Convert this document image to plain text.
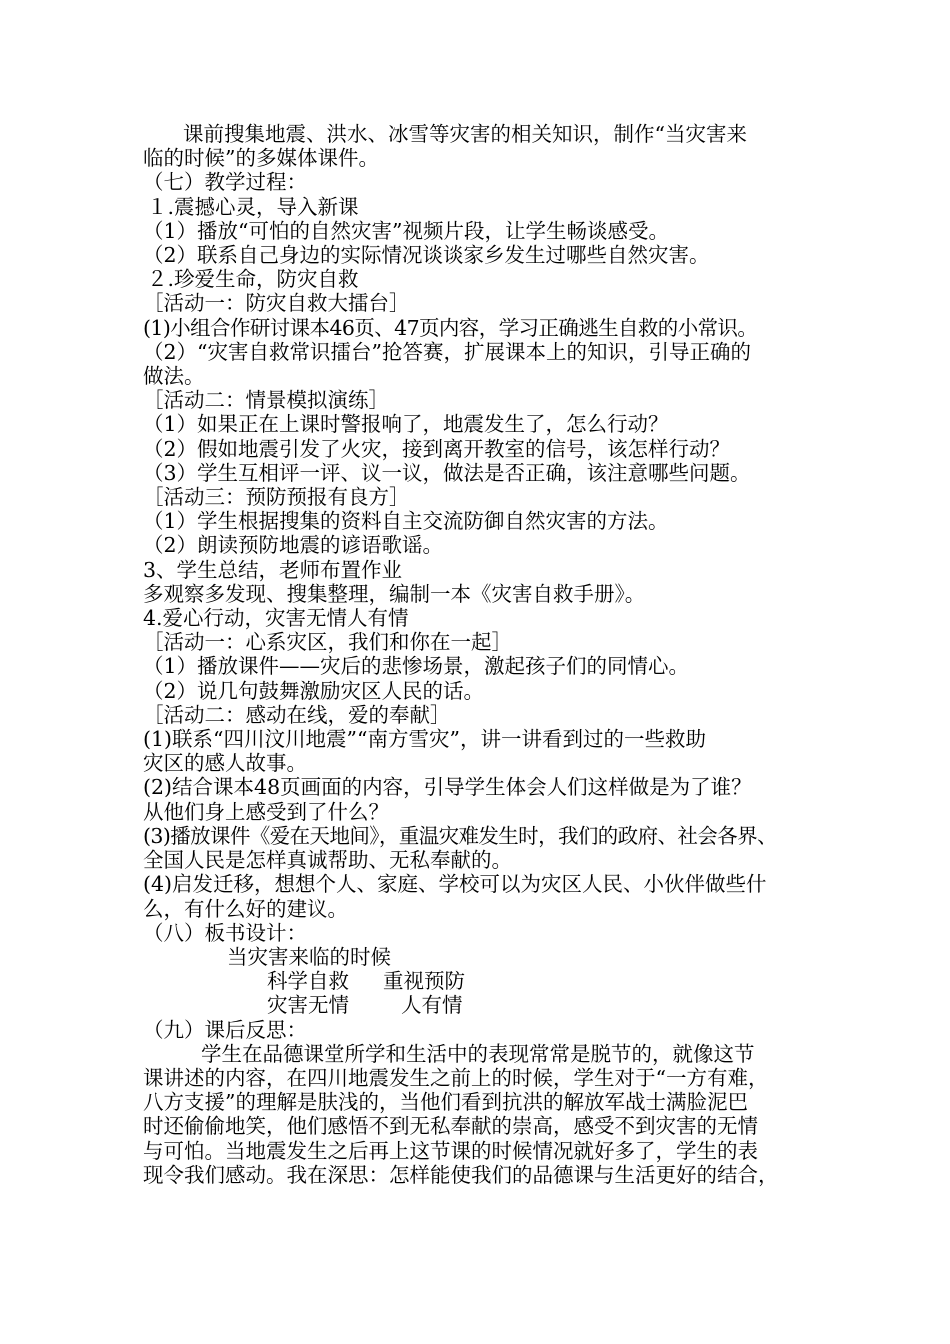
课前搜集地震、洪水、冰雪等灾害的相关知识，制作“当灾害来
临的时候”的多媒体课件。
（七）教学过程：
１.震撼心灵，导入新课
（1）播放“可怕的自然灾害”视频片段，让学生畅谈感受。
（2）联系自己身边的实际情况谈谈家乡发生过哪些自然灾害。
２.珍爱生命，防灾自救
［活动一：防灾自救大擂台］
(1)小组合作研讨课本46页、47页内容，学习正确逃生自救的小常识。
（2）“灾害自救常识擂台”抢答赛，扩展课本上的知识，引导正确的
做法。
［活动二：情景模拟演练］
（1）如果正在上课时警报响了，地震发生了，怎么行动？
（2）假如地震引发了火灾，接到离开教室的信号，该怎样行动？
（3）学生互相评一评、议一议，做法是否正确，该注意哪些问题。
［活动三：预防预报有良方］
（1）学生根据搜集的资料自主交流防御自然灾害的方法。
（2）朗读预防地震的谚语歌谣。
3、学生总结，老师布置作业
多观察多发现、搜集整理，编制一本《灾害自救手册》。
4.爱心行动，灾害无情人有情
［活动一：心系灾区，我们和你在一起］
（1）播放课件——灾后的悲惨场景，激起孩子们的同情心。
（2）说几句鼓舞激励灾区人民的话。
［活动二：感动在线，爱的奉献］
(1)联系“四川汶川地震”“南方雪灾”，讲一讲看到过的一些救助
灾区的感人故事。
(2)结合课本48页画面的内容，引导学生体会人们这样做是为了谁？
从他们身上感受到了什么？
(3)播放课件《爱在天地间》，重温灾难发生时，我们的政府、社会各界、
全国人民是怎样真诚帮助、无私奉献的。
(4)启发迁移，想想个人、家庭、学校可以为灾区人民、小伙伴做些什
么，有什么好的建议。
（八）板书设计：
当灾害来临的时候
科学自救 重视预防
灾害无情	人有情
（九）课后反思：
学生在品德课堂所学和生活中的表现常常是脱节的，就像这节
课讲述的内容，在四川地震发生之前上的时候，学生对于“一方有难，
八方支援”的理解是肤浅的，当他们看到抗洪的解放军战士满脸泥巴
时还偷偷地笑，他们感悟不到无私奉献的崇高，感受不到灾害的无情
与可怕。当地震发生之后再上这节课的时候情况就好多了，学生的表
现令我们感动。我在深思：怎样能使我们的品德课与生活更好的结合，
